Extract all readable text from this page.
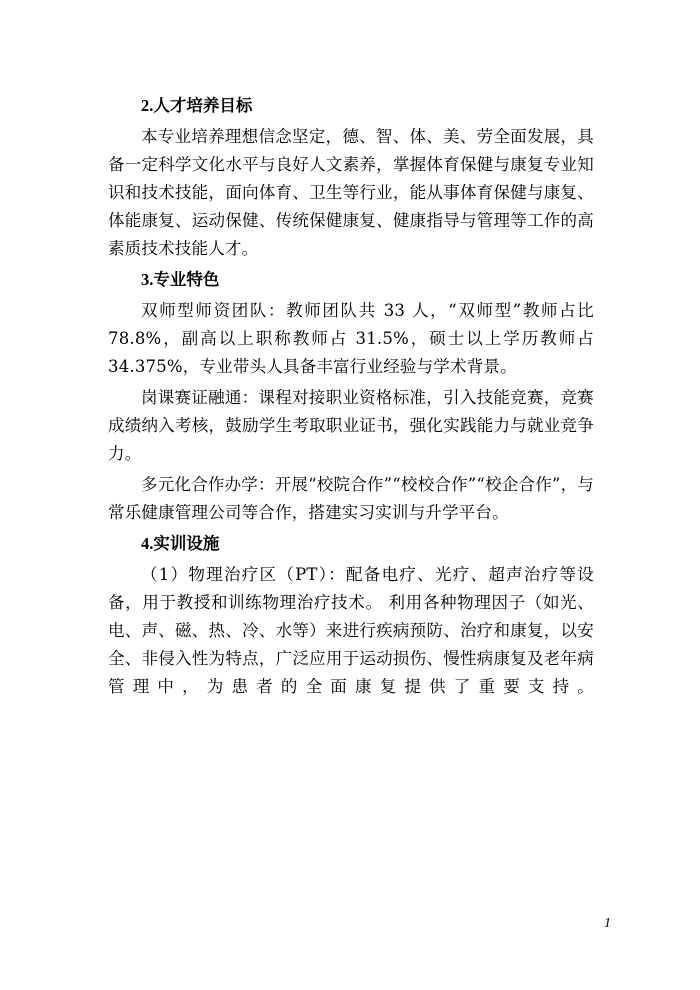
2.人才培养目标

本专业培养理想信念坚定，德、智、体、美、劳全面发展，具备一定科学文化水平与良好人文素养，掌握体育保健与康复专业知识和技术技能，面向体育、卫生等行业，能从事体育保健与康复、体能康复、运动保健、传统保健康复、健康指导与管理等工作的高素质技术技能人才。

3.专业特色

双师型师资团队：教师团队共 33 人，“双师型”教师占比78.8%，副高以上职称教师占 31.5%，硕士以上学历教师占34.375%，专业带头人具备丰富行业经验与学术背景。

岗课赛证融通：课程对接职业资格标准，引入技能竞赛，竞赛成绩纳入考核，鼓励学生考取职业证书，强化实践能力与就业竞争力。

多元化合作办学：开展“校院合作”“校校合作”“校企合作”，与常乐健康管理公司等合作，搭建实习实训与升学平台。

4.实训设施

（1）物理治疗区（PT）：配备电疗、光疗、超声治疗等设备，用于教授和训练物理治疗技术。 利用各种物理因子（如光、电、声、磁、热、冷、水等）来进行疾病预防、治疗和康复，以安全、非侵入性为特点，广泛应用于运动损伤、慢性病康复及老年病管理中，为患者的全面康复提供了重要支持。

1
